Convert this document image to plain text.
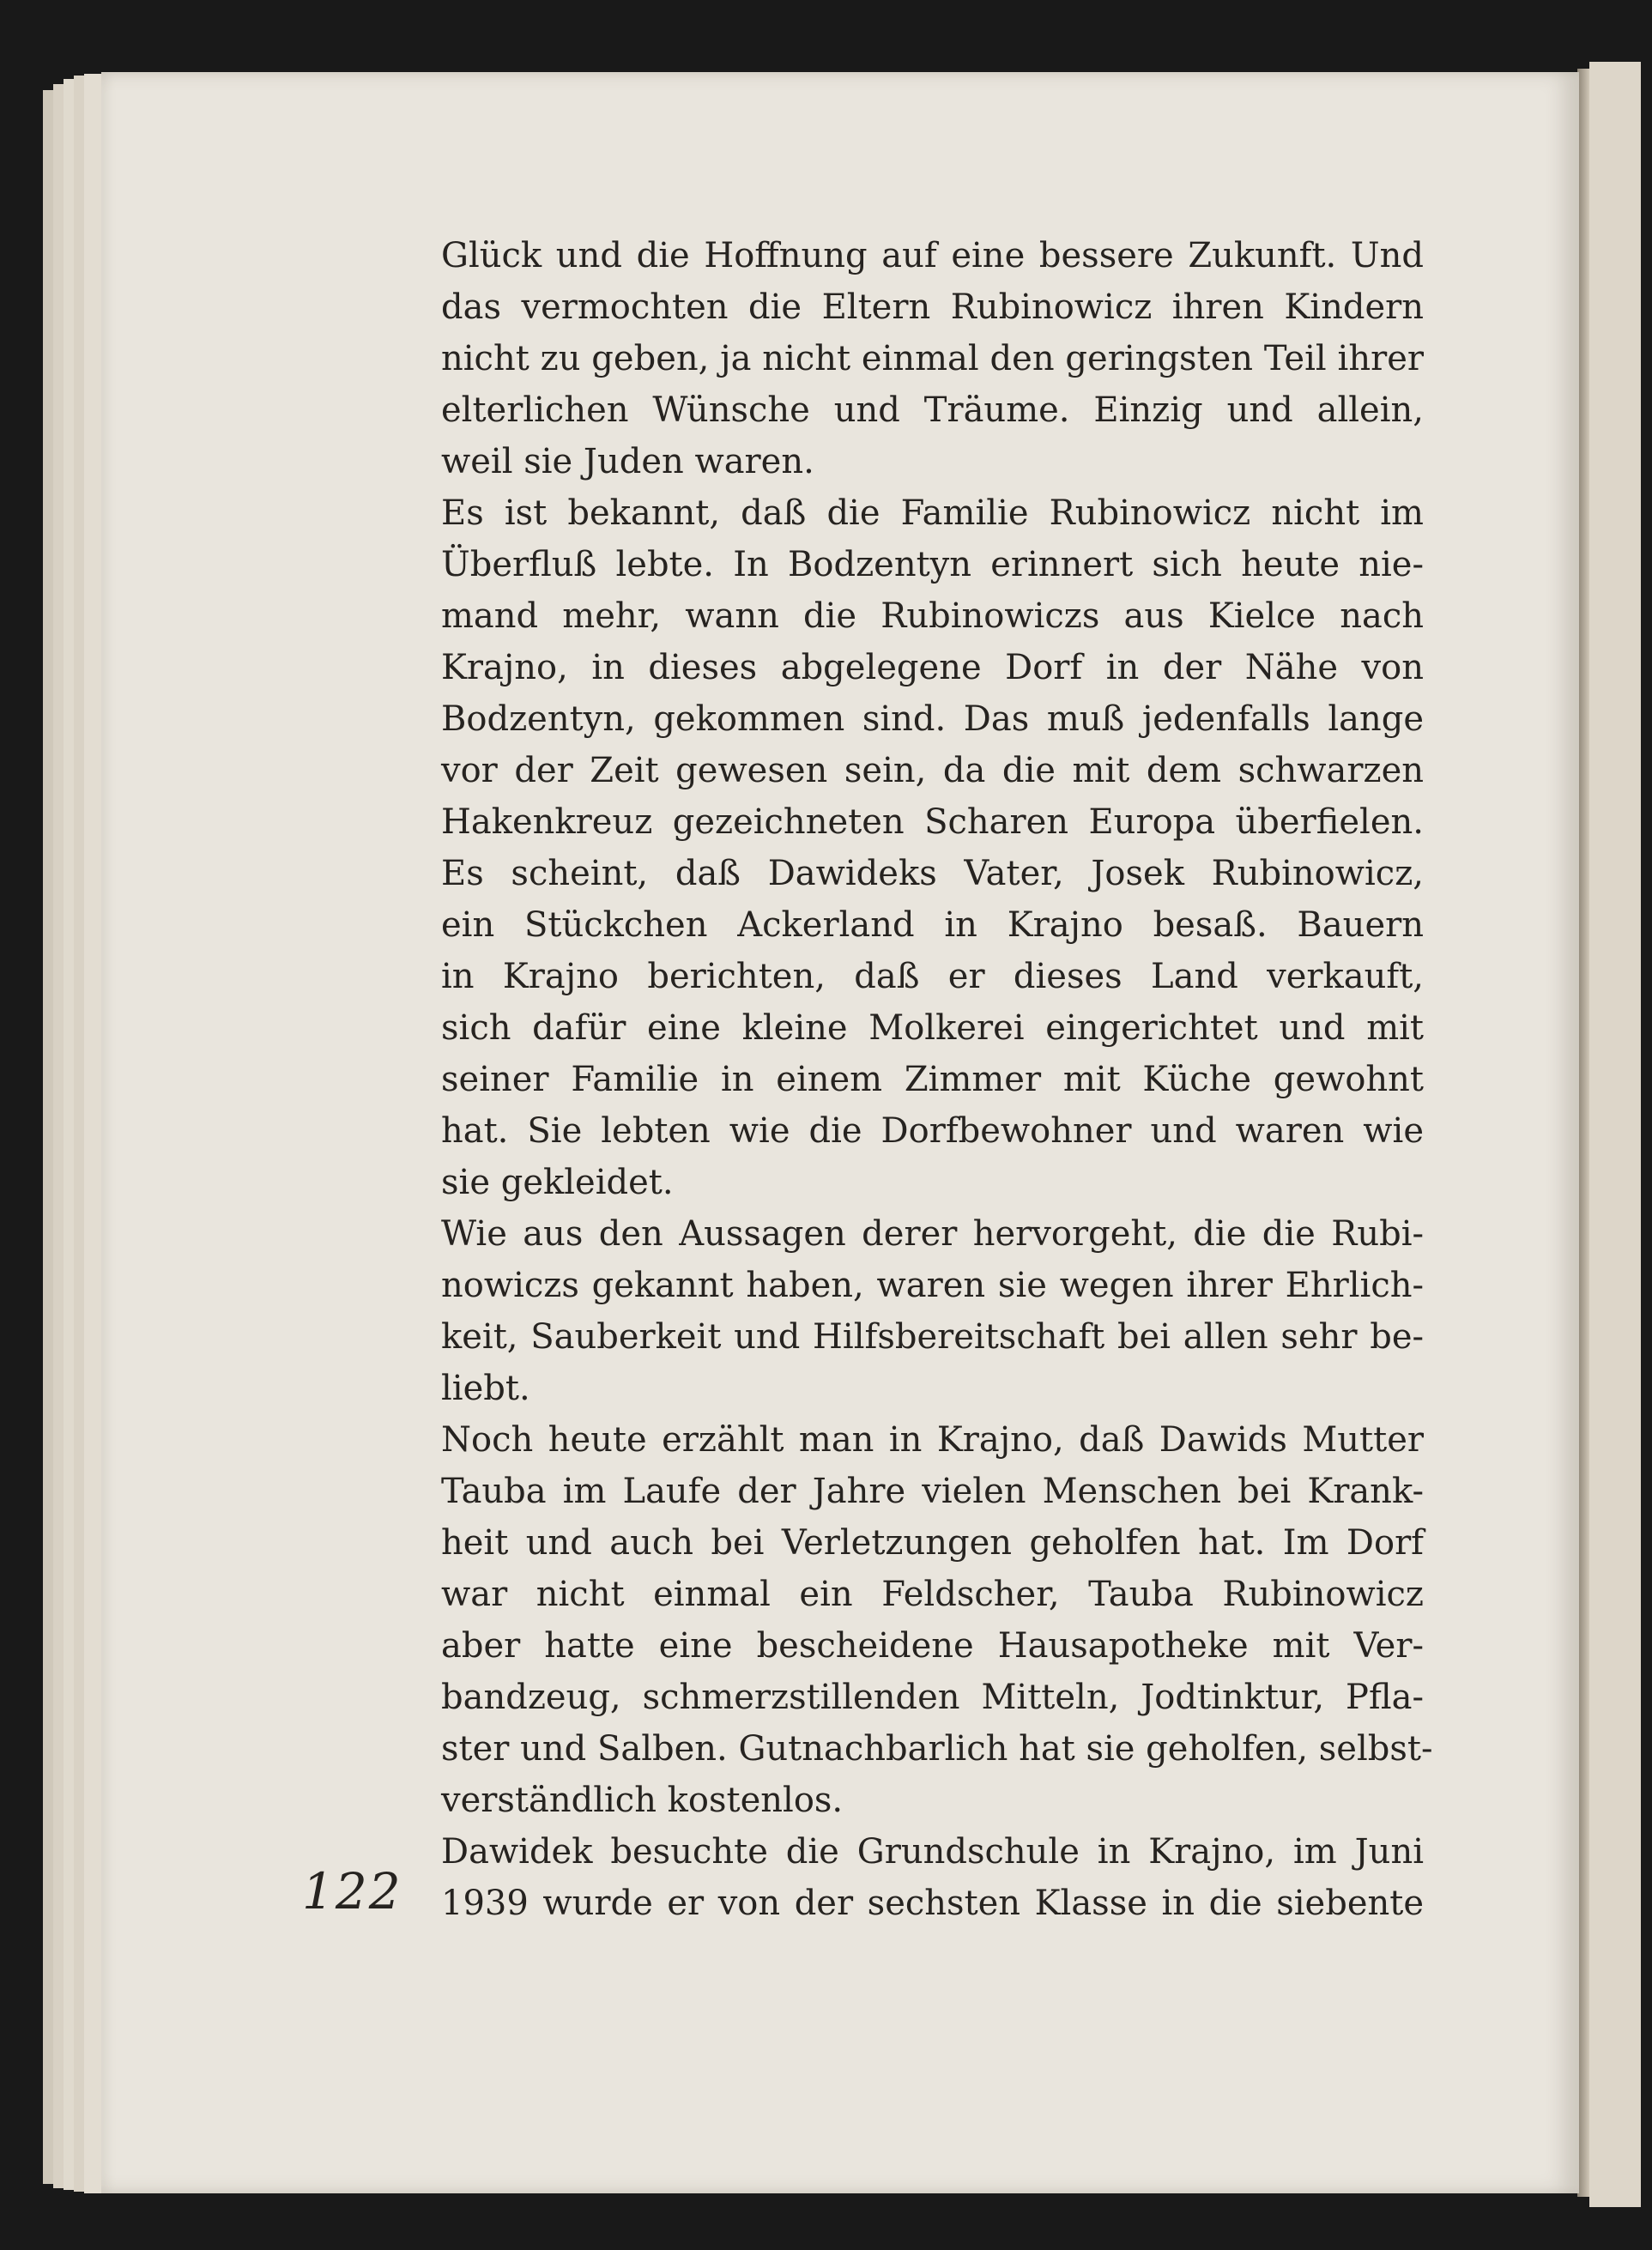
Glück und die Hoffnung auf eine bessere Zukunft. Und
das vermochten die Eltern Rubinowicz ihren Kindern
nicht zu geben, ja nicht einmal den geringsten Teil ihrer
elterlichen Wünsche und Träume. Einzig und allein,
weil sie Juden waren.
Es ist bekannt, daß die Familie Rubinowicz nicht im
Überfluß lebte. In Bodzentyn erinnert sich heute nie-
mand mehr, wann die Rubinowiczs aus Kielce nach
Krajno, in dieses abgelegene Dorf in der Nähe von
Bodzentyn, gekommen sind. Das muß jedenfalls lange
vor der Zeit gewesen sein, da die mit dem schwarzen
Hakenkreuz gezeichneten Scharen Europa überfielen.
Es scheint, daß Dawideks Vater, Josek Rubinowicz,
ein Stückchen Ackerland in Krajno besaß. Bauern
in Krajno berichten, daß er dieses Land verkauft,
sich dafür eine kleine Molkerei eingerichtet und mit
seiner Familie in einem Zimmer mit Küche gewohnt
hat. Sie lebten wie die Dorfbewohner und waren wie
sie gekleidet.
Wie aus den Aussagen derer hervorgeht, die die Rubi-
nowiczs gekannt haben, waren sie wegen ihrer Ehrlich-
keit, Sauberkeit und Hilfsbereitschaft bei allen sehr be-
liebt.
Noch heute erzählt man in Krajno, daß Dawids Mutter
Tauba im Laufe der Jahre vielen Menschen bei Krank-
heit und auch bei Verletzungen geholfen hat. Im Dorf
war nicht einmal ein Feldscher, Tauba Rubinowicz
aber hatte eine bescheidene Hausapotheke mit Ver-
bandzeug, schmerzstillenden Mitteln, Jodtinktur, Pfla-
ster und Salben. Gutnachbarlich hat sie geholfen, selbst-
verständlich kostenlos.
Dawidek besuchte die Grundschule in Krajno, im Juni
1939 wurde er von der sechsten Klasse in die siebente
122
